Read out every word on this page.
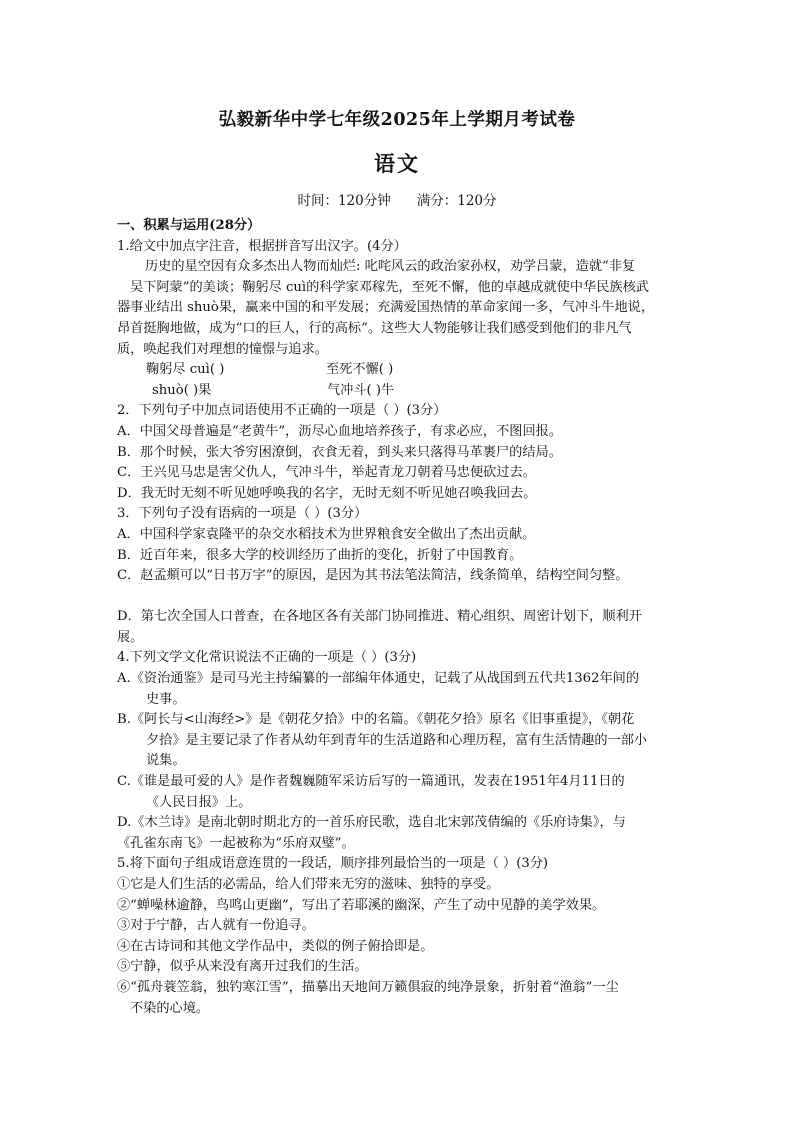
弘毅新华中学七年级2025年上学期月考试卷
语文
时间：120分钟 满分：120分
一、积累与运用(28分）
1.给文中加点字注音，根据拼音写出汉字。(4分）
历史的星空因有众多杰出人物而灿烂: 叱咤风云的政治家孙权，劝学吕蒙，造就“非复
吴下阿蒙”的美谈；鞠躬尽 cuì的科学家邓稼先，至死不懈，他的卓越成就使中华民族核武
器事业结出 shuò果，赢来中国的和平发展；充满爱国热情的革命家闻一多，气冲斗牛地说，
昂首挺胸地做，成为“口的巨人，行的高标”。这些大人物能够让我们感受到他们的非凡气
质，唤起我们对理想的憧憬与追求。
鞠躬尽 cuì( )	至死不懈( )
shuò( )果	气冲斗( )牛
2．下列句子中加点词语使用不正确的一项是（ ）(3分）
A．中国父母普遍是“老黄牛”，沥尽心血地培养孩子，有求必应，不图回报。
B．那个时候，张大爷穷困潦倒，衣食无着，到头来只落得马革裹尸的结局。
C．王兴见马忠是害父仇人，气冲斗牛，举起青龙刀朝着马忠便砍过去。
D．我无时无刻不听见她呼唤我的名字，无时无刻不听见她召唤我回去。
3．下列句子没有语病的一项是（ ）(3分）
A．中国科学家袁隆平的杂交水稻技术为世界粮食安全做出了杰出贡献。
B．近百年来，很多大学的校训经历了曲折的变化，折射了中国教育。
C．赵孟頫可以“日书万字”的原因，是因为其书法笔法简洁，线条简单，结构空间匀整。
D．第七次全国人口普查，在各地区各有关部门协同推进、精心组织、周密计划下，顺利开
展。
4.下列文学文化常识说法不正确的一项是（ ）(3分)
A.《资治通鉴》是司马光主持编纂的一部编年体通史，记载了从战国到五代共1362年间的
史事。
B.《阿长与<山海经>》是《朝花夕拾》中的名篇。《朝花夕拾》原名《旧事重提》，《朝花
夕拾》是主要记录了作者从幼年到青年的生活道路和心理历程，富有生活情趣的一部小
说集。
C.《谁是最可爱的人》是作者魏巍随军采访后写的一篇通讯，发表在1951年4月11日的
《人民日报》上。
D.《木兰诗》是南北朝时期北方的一首乐府民歌，选自北宋郭茂倩编的《乐府诗集》，与
《孔雀东南飞》一起被称为“乐府双璧”。
5.将下面句子组成语意连贯的一段话，顺序排列最恰当的一项是（ ）(3分)
①它是人们生活的必需品，给人们带来无穷的滋味、独特的享受。
②“蝉噪林逾静，鸟鸣山更幽”，写出了若耶溪的幽深，产生了动中见静的美学效果。
③对于宁静，古人就有一份追寻。
④在古诗词和其他文学作品中，类似的例子俯拾即是。
⑤宁静，似乎从来没有离开过我们的生活。
⑥“孤舟蓑笠翁，独钓寒江雪”，描摹出天地间万籁俱寂的纯净景象，折射着“渔翁”一尘
不染的心境。
